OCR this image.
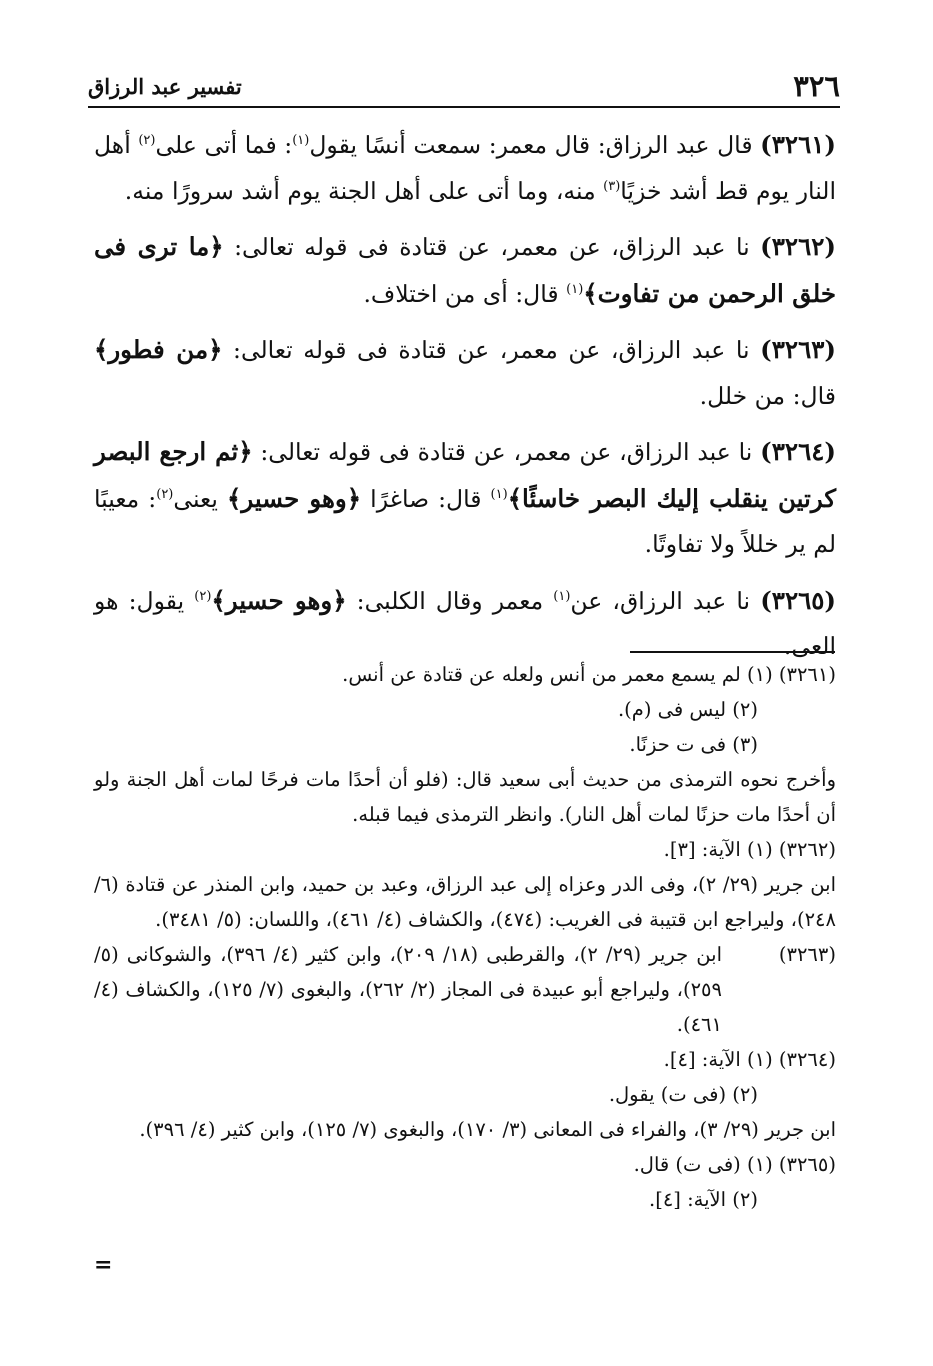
٣٢٦
تفسير عبد الرزاق

(٣٢٦١) قال عبد الرزاق: قال معمر: سمعت أنسًا يقول$^{(١)}$: فما أتى على$^{(٢)}$ أهل النار يوم قط أشد خزيًا$^{(٣)}$ منه، وما أتى على أهل الجنة يوم أشد سرورًا منه.

(٣٢٦٢) نا عبد الرزاق، عن معمر، عن قتادة فى قوله تعالى: ﴿ما ترى فى خلق الرحمن من تفاوت﴾$^{(١)}$ قال: أى من اختلاف.

(٣٢٦٣) نا عبد الرزاق، عن معمر، عن قتادة فى قوله تعالى: ﴿من فطور﴾ قال: من خلل.

(٣٢٦٤) نا عبد الرزاق، عن معمر، عن قتادة فى قوله تعالى: ﴿ثم ارجع البصر كرتين ينقلب إليك البصر خاسئًا﴾$^{(١)}$ قال: صاغرًا ﴿وهو حسير﴾ يعنى$^{(٢)}$: معيبًا لم ير خللاً ولا تفاوتًا.

(٣٢٦٥) نا عبد الرزاق، عن$^{(١)}$ معمر وقال الكلبى: ﴿وهو حسير﴾$^{(٢)}$ يقول: هو العى.

(٣٢٦١) (١) لم يسمع معمر من أنس ولعله عن قتادة عن أنس.

(٢) ليس فى (م).

(٣) فى ت حزنًا.

وأخرج نحوه الترمذى من حديث أبى سعيد قال: (فلو أن أحدًا مات فرحًا لمات أهل الجنة ولو أن أحدًا مات حزنًا لمات أهل النار). وانظر الترمذى فيما قبله.

(٣٢٦٢) (١) الآية: [٣].

ابن جرير (٢٩/ ٢)، وفى الدر وعزاه إلى عبد الرزاق، وعبد بن حميد، وابن المنذر عن قتادة (٦/ ٢٤٨)، وليراجع ابن قتيبة فى الغريب: (٤٧٤)، والكشاف (٤/ ٤٦١)، واللسان: (٥/ ٣٤٨١).

(٣٢٦٣)
ابن جرير (٢٩/ ٢)، والقرطبى (١٨/ ٢٠٩)، وابن كثير (٤/ ٣٩٦)، والشوكانى (٥/ ٢٥٩)، وليراجع أبو عبيدة فى المجاز (٢/ ٢٦٢)، والبغوى (٧/ ١٢٥)، والكشاف (٤/ ٤٦١).

(٣٢٦٤) (١) الآية: [٤].

(٢) (فى ت) يقول.

ابن جرير (٢٩/ ٣)، والفراء فى المعانى (٣/ ١٧٠)، والبغوى (٧/ ١٢٥)، وابن كثير (٤/ ٣٩٦).

(٣٢٦٥) (١) (فى ت) قال.

(٢) الآية: [٤].

=
